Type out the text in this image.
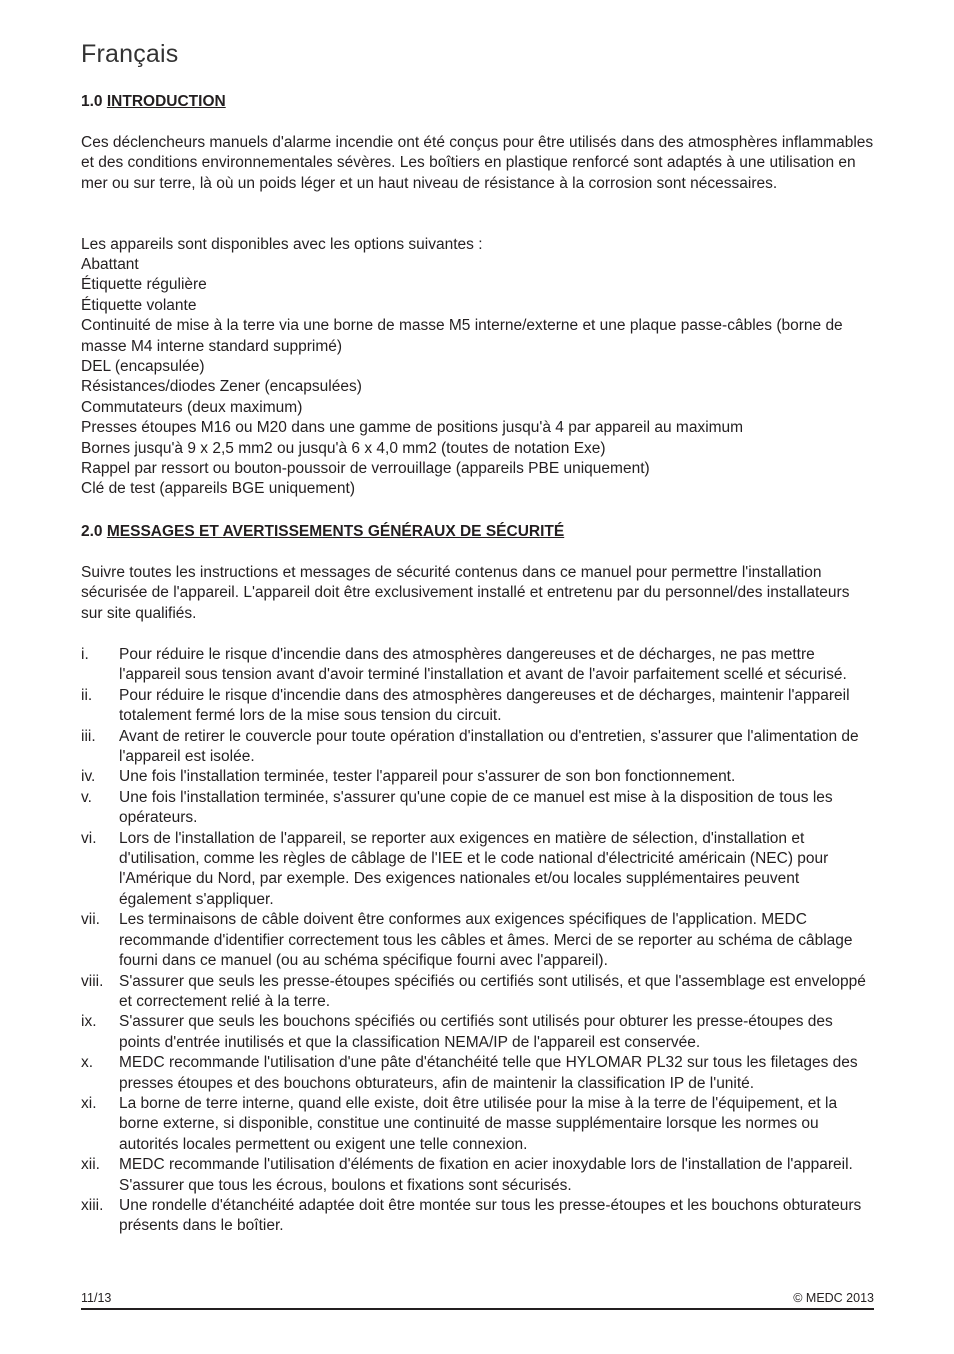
Français
1.0 INTRODUCTION

Ces déclencheurs manuels d'alarme incendie ont été conçus pour être utilisés dans des atmosphères inflammables et des conditions environnementales sévères. Les boîtiers en plastique renforcé sont adaptés à une utilisation en mer ou sur terre, là où un poids léger et un haut niveau de résistance à la corrosion sont nécessaires.

Les appareils sont disponibles avec les options suivantes :

Abattant
Étiquette régulière
Étiquette volante
Continuité de mise à la terre via une borne de masse M5 interne/externe et une plaque passe-câbles (borne de masse M4 interne standard supprimé)
DEL (encapsulée)
Résistances/diodes Zener (encapsulées)
Commutateurs (deux maximum)
Presses étoupes M16 ou M20 dans une gamme de positions jusqu'à 4 par appareil au maximum
Bornes jusqu'à 9 x 2,5 mm2 ou jusqu'à 6 x 4,0 mm2 (toutes de notation Exe)
Rappel par ressort ou bouton-poussoir de verrouillage (appareils PBE uniquement)
Clé de test (appareils BGE uniquement)
2.0 MESSAGES ET AVERTISSEMENTS GÉNÉRAUX DE SÉCURITÉ

Suivre toutes les instructions et messages de sécurité contenus dans ce manuel pour permettre l'installation sécurisée de l'appareil. L'appareil doit être exclusivement installé et entretenu par du personnel/des installateurs sur site qualifiés.

i.	Pour réduire le risque d'incendie dans des atmosphères dangereuses et de décharges, ne pas mettre l'appareil sous tension avant d'avoir terminé l'installation et avant de l'avoir parfaitement scellé et sécurisé.
ii.	Pour réduire le risque d'incendie dans des atmosphères dangereuses et de décharges, maintenir l'appareil totalement fermé lors de la mise sous tension du circuit.
iii.	Avant de retirer le couvercle pour toute opération d'installation ou d'entretien, s'assurer que l'alimentation de l'appareil est isolée.
iv.	Une fois l'installation terminée, tester l'appareil pour s'assurer de son bon fonctionnement.
v.	Une fois l'installation terminée, s'assurer qu'une copie de ce manuel est mise à la disposition de tous les opérateurs.
vi.	Lors de l'installation de l'appareil, se reporter aux exigences en matière de sélection, d'installation et d'utilisation, comme les règles de câblage de l'IEE et le code national d'électricité américain (NEC) pour l'Amérique du Nord, par exemple. Des exigences nationales et/ou locales supplémentaires peuvent également s'appliquer.
vii.	Les terminaisons de câble doivent être conformes aux exigences spécifiques de l'application. MEDC recommande d'identifier correctement tous les câbles et âmes. Merci de se reporter au schéma de câblage fourni dans ce manuel (ou au schéma spécifique fourni avec l'appareil).
viii.	S'assurer que seuls les presse-étoupes spécifiés ou certifiés sont utilisés, et que l'assemblage est enveloppé et correctement relié à la terre.
ix.	S'assurer que seuls les bouchons spécifiés ou certifiés sont utilisés pour obturer les presse-étoupes des points d'entrée inutilisés et que la classification NEMA/IP de l'appareil est conservée.
x.	MEDC recommande l'utilisation d'une pâte d'étanchéité telle que HYLOMAR PL32 sur tous les filetages des presses étoupes et des bouchons obturateurs, afin de maintenir la classification IP de l'unité.
xi.	La borne de terre interne, quand elle existe, doit être utilisée pour la mise à la terre de l'équipement, et la borne externe, si disponible, constitue une continuité de masse supplémentaire lorsque les normes ou autorités locales permettent ou exigent une telle connexion.
xii.	MEDC recommande l'utilisation d'éléments de fixation en acier inoxydable lors de l'installation de l'appareil. S'assurer que tous les écrous, boulons et fixations sont sécurisés.
xiii.	Une rondelle d'étanchéité adaptée doit être montée sur tous les presse-étoupes et les bouchons obturateurs présents dans le boîtier.
11/13	© MEDC 2013
